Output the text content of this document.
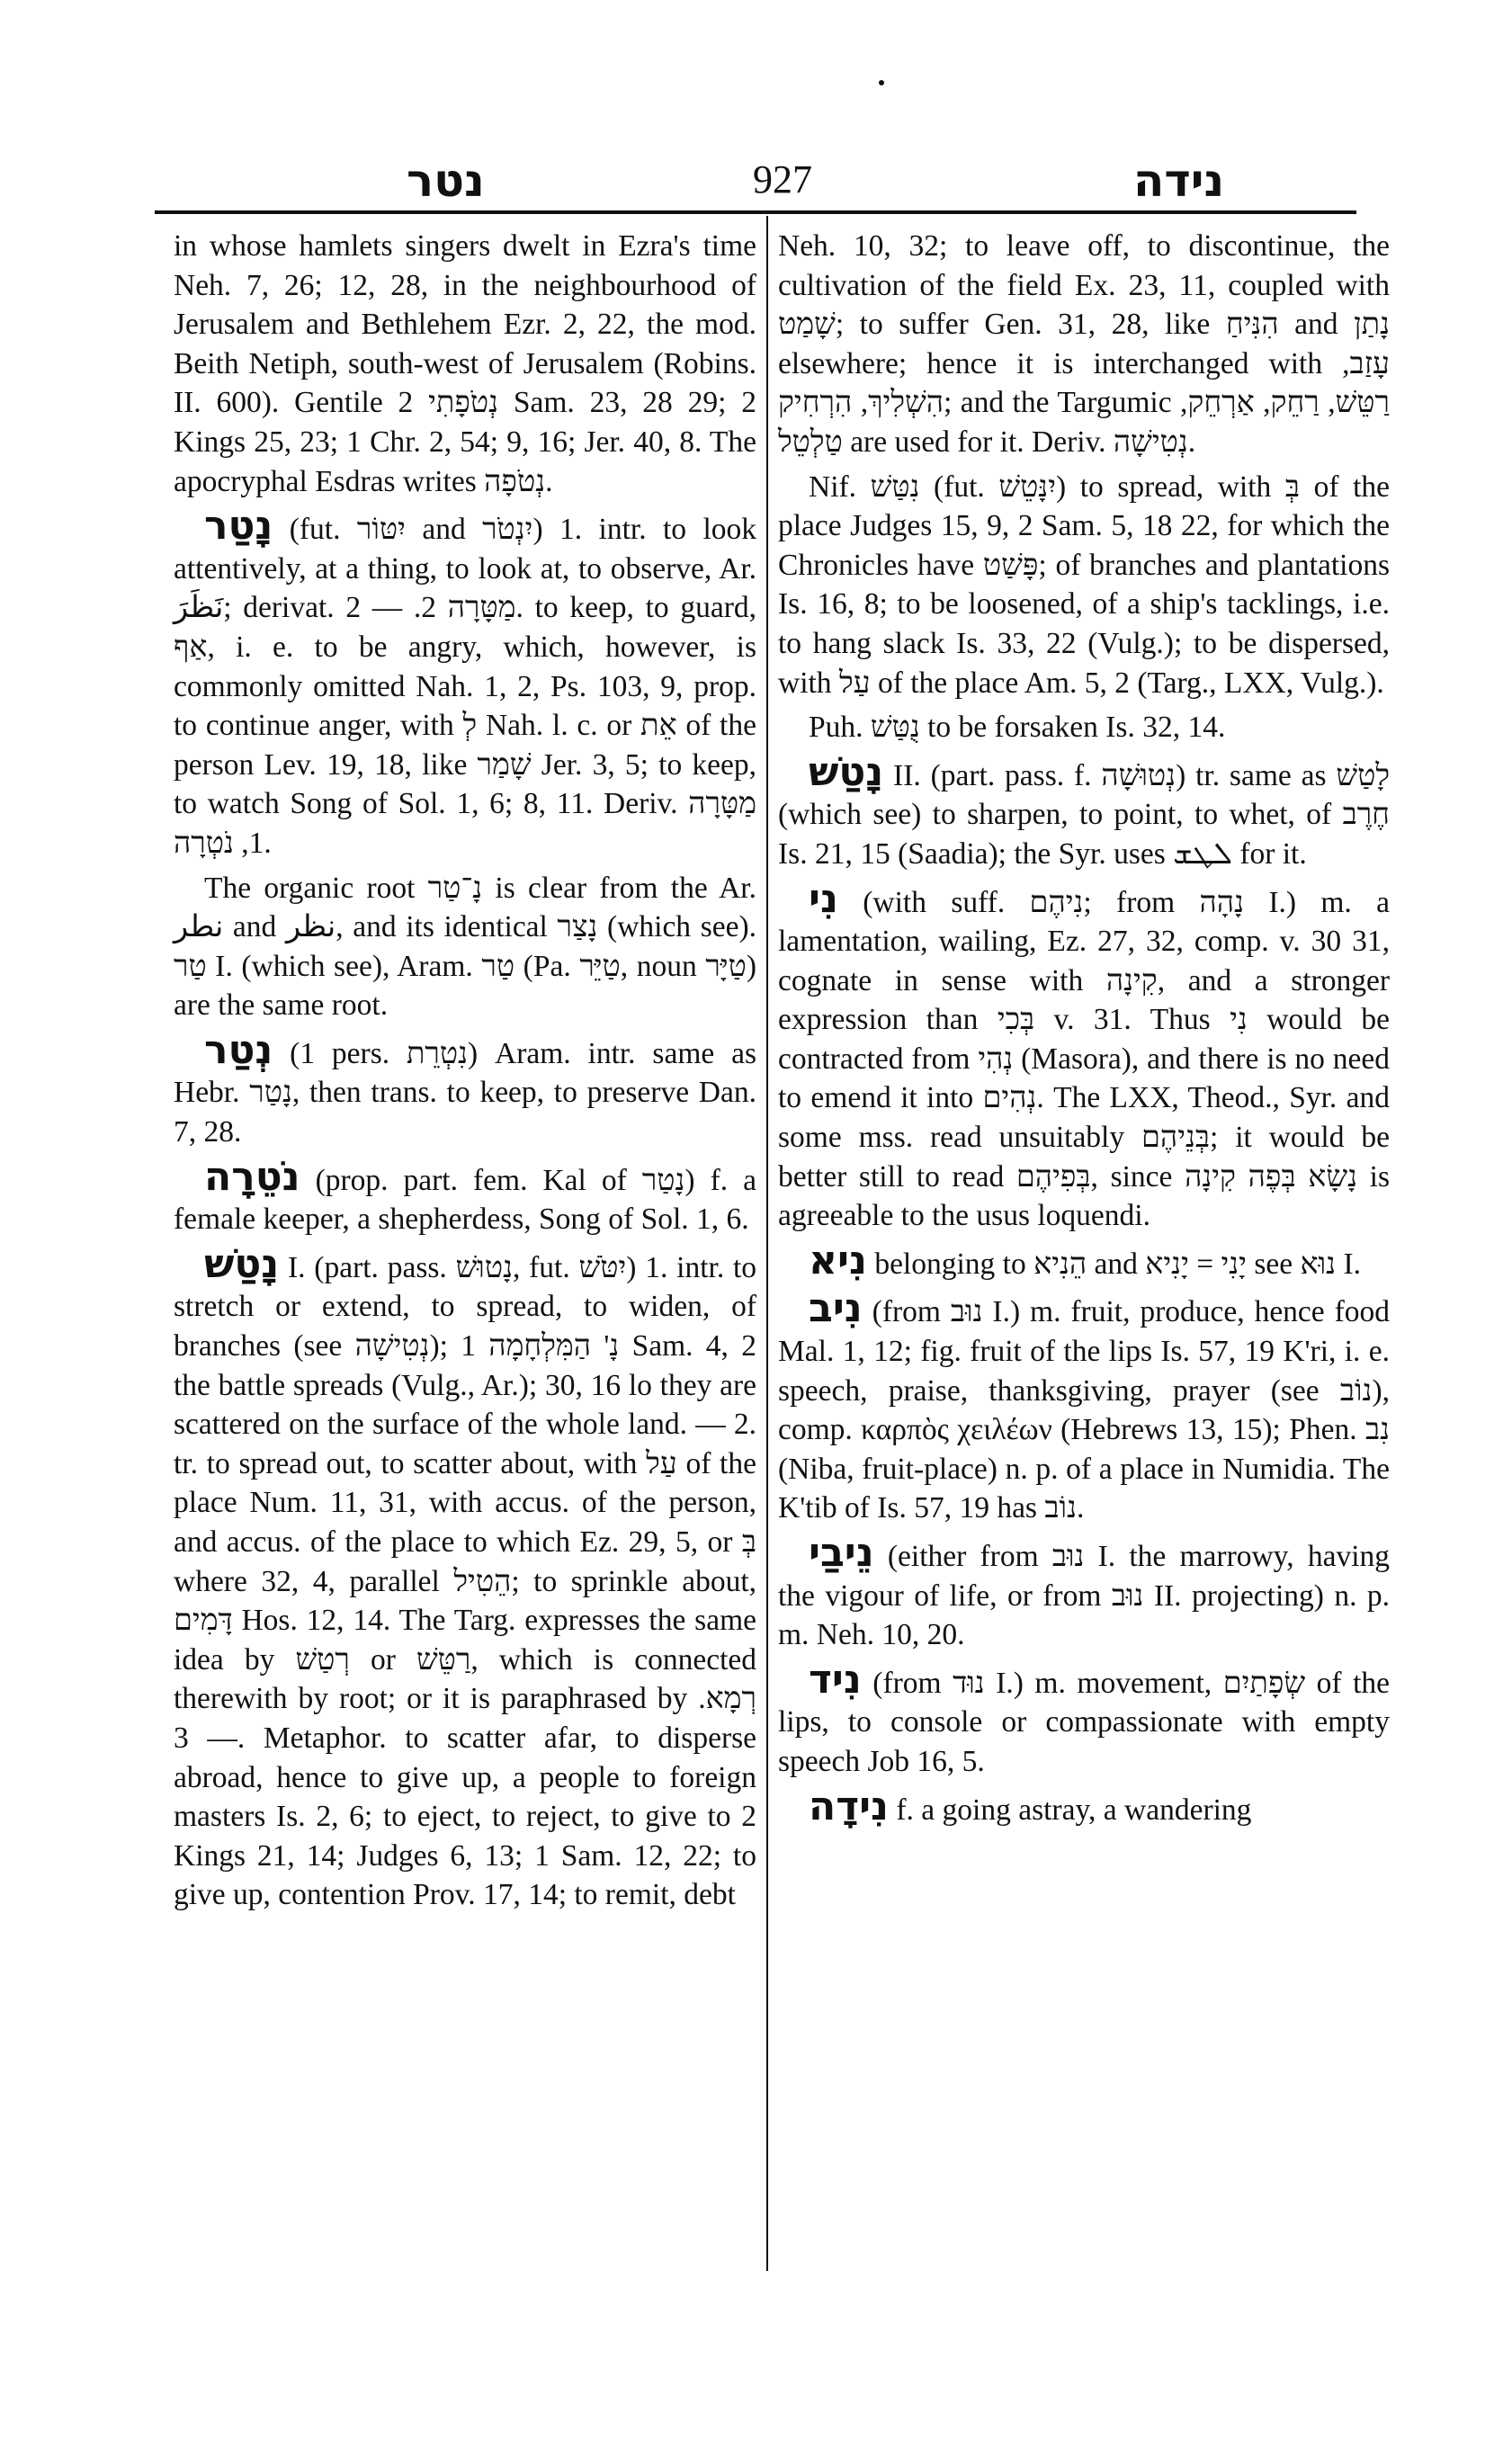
נטר	927	נידה

in whose hamlets singers dwelt in Ezra's time Neh. 7, 26; 12, 28, in the neighbourhood of Jerusalem and Bethlehem Ezr. 2, 22, the mod. Beith Netiph, south-west of Jerusalem (Robins. II. 600). Gentile נְטֹפָתִי 2 Sam. 23, 28 29; 2 Kings 25, 23; 1 Chr. 2, 54; 9, 16; Jer. 40, 8. The apocryphal Esdras writes נְטֹפָה.

נָטַר (fut. יִטּוֹר and יִנְטֹר) 1. intr. to look attentively, at a thing, to look at, to observe, Ar. نَظَرَ; derivat. מַטָּרָה 2. — 2. to keep, to guard, אַף, i. e. to be angry, which, however, is commonly omitted Nah. 1, 2, Ps. 103, 9, prop. to continue anger, with לְ Nah. l. c. or אֵת of the person Lev. 19, 18, like שָׁמַר Jer. 3, 5; to keep, to watch Song of Sol. 1, 6; 8, 11. Deriv. מַטָּרָה 1, נֹטְרָה.

The organic root נָ־טַר is clear from the Ar. نطر and نظر, and its identical נָצַר (which see). טַר I. (which see), Aram. טַר (Pa. טַיֵּר, noun טַיָּר) are the same root.

נְטַר (1 pers. נִטְרֵת) Aram. intr. same as Hebr. נָטַר, then trans. to keep, to preserve Dan. 7, 28.

נֹטֵרָה (prop. part. fem. Kal of נָטַר) f. a female keeper, a shepherdess, Song of Sol. 1, 6.

נָטַשׁ I. (part. pass. נָטוּשׁ, fut. יִטֹּשׁ) 1. intr. to stretch or extend, to spread, to widen, of branches (see נְטִישָׁה); נָ' הַמִּלְחָמָה 1 Sam. 4, 2 the battle spreads (Vulg., Ar.); 30, 16 lo they are scattered on the surface of the whole land. — 2. tr. to spread out, to scatter about, with עַל of the place Num. 11, 31, with accus. of the person, and accus. of the place to which Ez. 29, 5, or בְּ where 32, 4, parallel הֵטִיל; to sprinkle about, דָּמִים Hos. 12, 14. The Targ. expresses the same idea by רְטַשׁ or רַטֵּשׁ, which is connected therewith by root; or it is paraphrased by רְמָא. — 3. Metaphor. to scatter afar, to disperse abroad, hence to give up, a people to foreign masters Is. 2, 6; to eject, to reject, to give to 2 Kings 21, 14; Judges 6, 13; 1 Sam. 12, 22; to give up, contention Prov. 17, 14; to remit, debt

Neh. 10, 32; to leave off, to discontinue, the cultivation of the field Ex. 23, 11, coupled with שָׁמַט; to suffer Gen. 31, 28, like הִנִּיחַ and נָתַן elsewhere; hence it is interchanged with עָזַב, הִשְׁלִיךְ, הִרְחִיק; and the Targumic רַטֵּשׁ, רַחֵק, אַרְחֵק, טַלְטֵל are used for it. Deriv. נְטִישָׁה.

Nif. נִטַּשׁ (fut. יִנָּטֵשׁ) to spread, with בְּ of the place Judges 15, 9, 2 Sam. 5, 18 22, for which the Chronicles have פָּשַׁט; of branches and plantations Is. 16, 8; to be loosened, of a ship's tacklings, i.e. to hang slack Is. 33, 22 (Vulg.); to be dispersed, with עַל of the place Am. 5, 2 (Targ., LXX, Vulg.).

Puh. נֻטַּשׁ to be forsaken Is. 32, 14.

נָטַשׁ II. (part. pass. f. נְטוּשָׁה) tr. same as לָטַשׁ (which see) to sharpen, to point, to whet, of חֶרֶב Is. 21, 15 (Saadia); the Syr. uses ܠܛܫ for it.

נִי (with suff. נִיהֶם; from נָהָה I.) m. a lamentation, wailing, Ez. 27, 32, comp. v. 30 31, cognate in sense with קִינָה, and a stronger expression than בְּכִי v. 31. Thus נִי would be contracted from נְהִי (Masora), and there is no need to emend it into נְהִים. The LXX, Theod., Syr. and some mss. read unsuitably בְּנֵיהֶם; it would be better still to read בְּפִיהֶם, since נָשָׂא בְּפֶה קִינָה is agreeable to the usus loquendi.

נִיא belonging to הֵנִיא and יָנִי = יָנִיא see נוּא I.

נִיב (from נוּב I.) m. fruit, produce, hence food Mal. 1, 12; fig. fruit of the lips Is. 57, 19 K'ri, i. e. speech, praise, thanksgiving, prayer (see נוֹב), comp. καρπὸς χειλέων (Hebrews 13, 15); Phen. נִב (Niba, fruit-place) n. p. of a place in Numidia. The K'tib of Is. 57, 19 has נוֹב.

נֵיבַי (either from נוּב I. the marrowy, having the vigour of life, or from נוּב II. projecting) n. p. m. Neh. 10, 20.

נִיד (from נוּד I.) m. movement, שְׂפָתַיִם of the lips, to console or compassionate with empty speech Job 16, 5.

נִידָה f. a going astray, a wandering
